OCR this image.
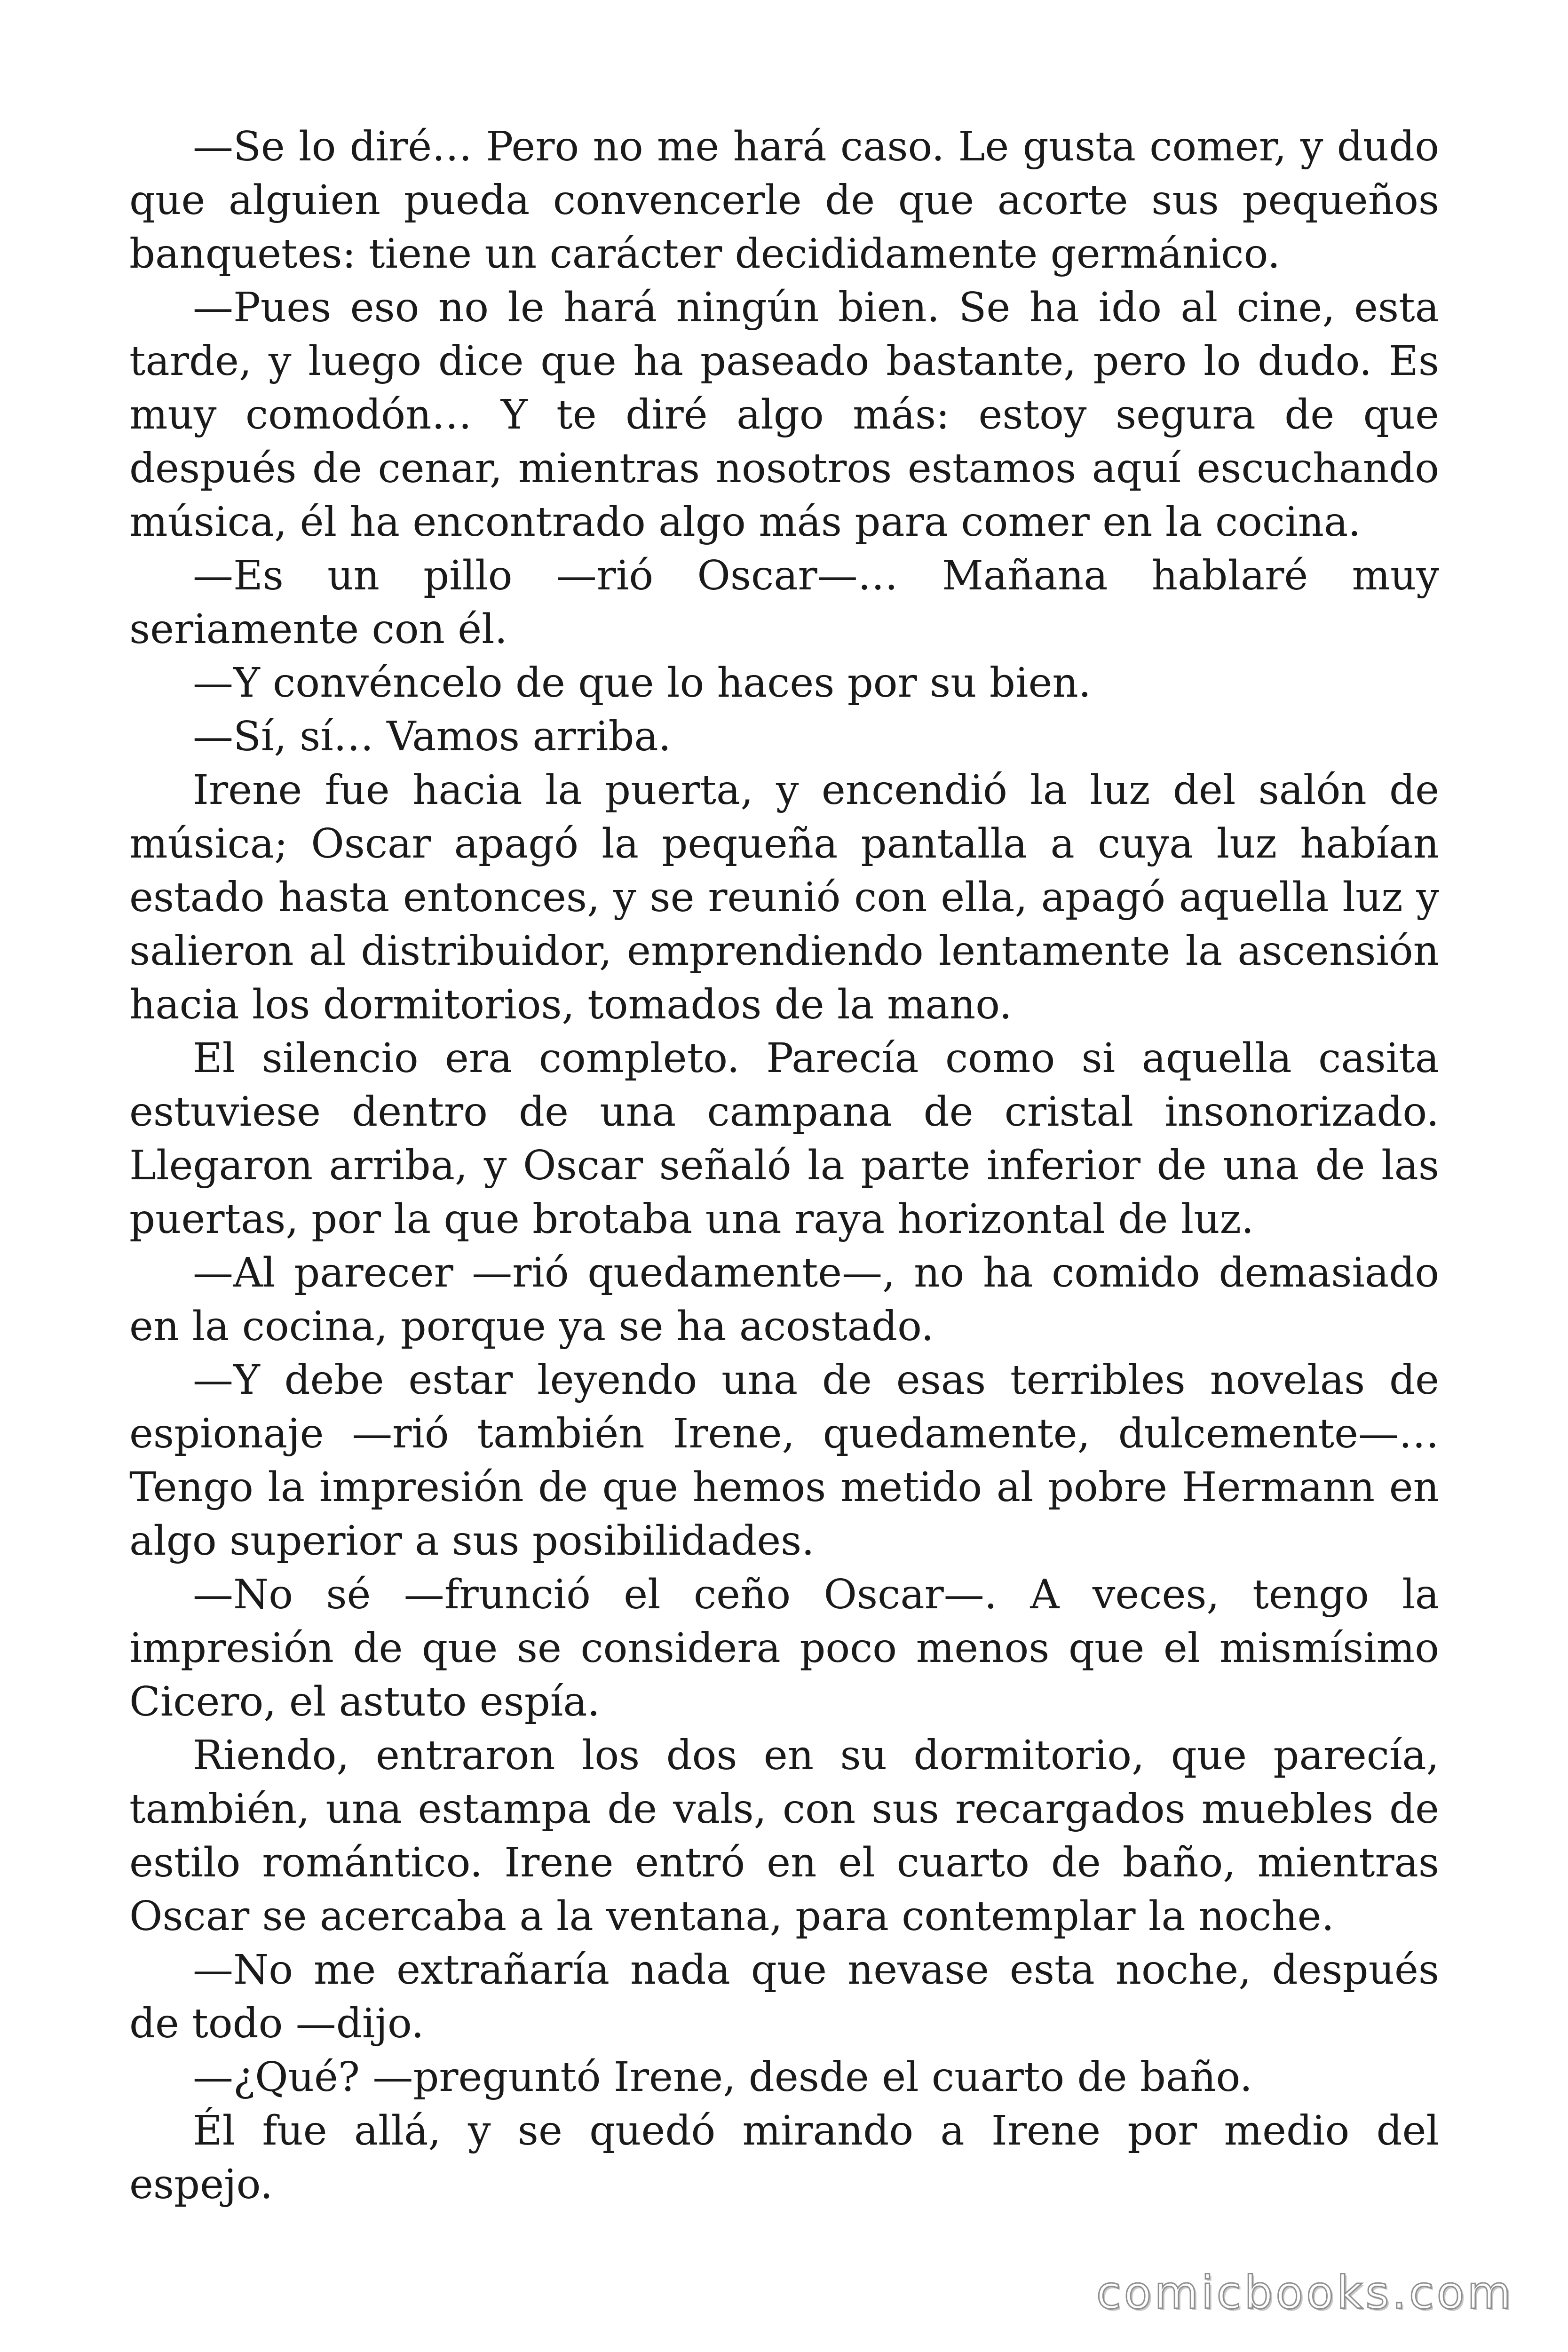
—Se lo diré… Pero no me hará caso. Le gusta comer, y dudo que alguien pueda convencerle de que acorte sus pequeños banquetes: tiene un carácter decididamente germánico.

—Pues eso no le hará ningún bien. Se ha ido al cine, esta tarde, y luego dice que ha paseado bastante, pero lo dudo. Es muy comodón… Y te diré algo más: estoy segura de que después de cenar, mientras nosotros estamos aquí escuchando música, él ha encontrado algo más para comer en la cocina.

—Es un pillo —rió Oscar—… Mañana hablaré muy seriamente con él.

—Y convéncelo de que lo haces por su bien.

—Sí, sí… Vamos arriba.

Irene fue hacia la puerta, y encendió la luz del salón de música; Oscar apagó la pequeña pantalla a cuya luz habían estado hasta entonces, y se reunió con ella, apagó aquella luz y salieron al distribuidor, emprendiendo lentamente la ascensión hacia los dormitorios, tomados de la mano.

El silencio era completo. Parecía como si aquella casita estuviese dentro de una campana de cristal insonorizado. Llegaron arriba, y Oscar señaló la parte inferior de una de las puertas, por la que brotaba una raya horizontal de luz.

—Al parecer —rió quedamente—, no ha comido demasiado en la cocina, porque ya se ha acostado.

—Y debe estar leyendo una de esas terribles novelas de espionaje —rió también Irene, quedamente, dulcemente—… Tengo la impresión de que hemos metido al pobre Hermann en algo superior a sus posibilidades.

—No sé —frunció el ceño Oscar—. A veces, tengo la impresión de que se considera poco menos que el mismísimo Cicero, el astuto espía.

Riendo, entraron los dos en su dormitorio, que parecía, también, una estampa de vals, con sus recargados muebles de estilo romántico. Irene entró en el cuarto de baño, mientras Oscar se acercaba a la ventana, para contemplar la noche.

—No me extrañaría nada que nevase esta noche, después de todo —dijo.

—¿Qué? —preguntó Irene, desde el cuarto de baño.

Él fue allá, y se quedó mirando a Irene por medio del espejo.

comicbooks.com
